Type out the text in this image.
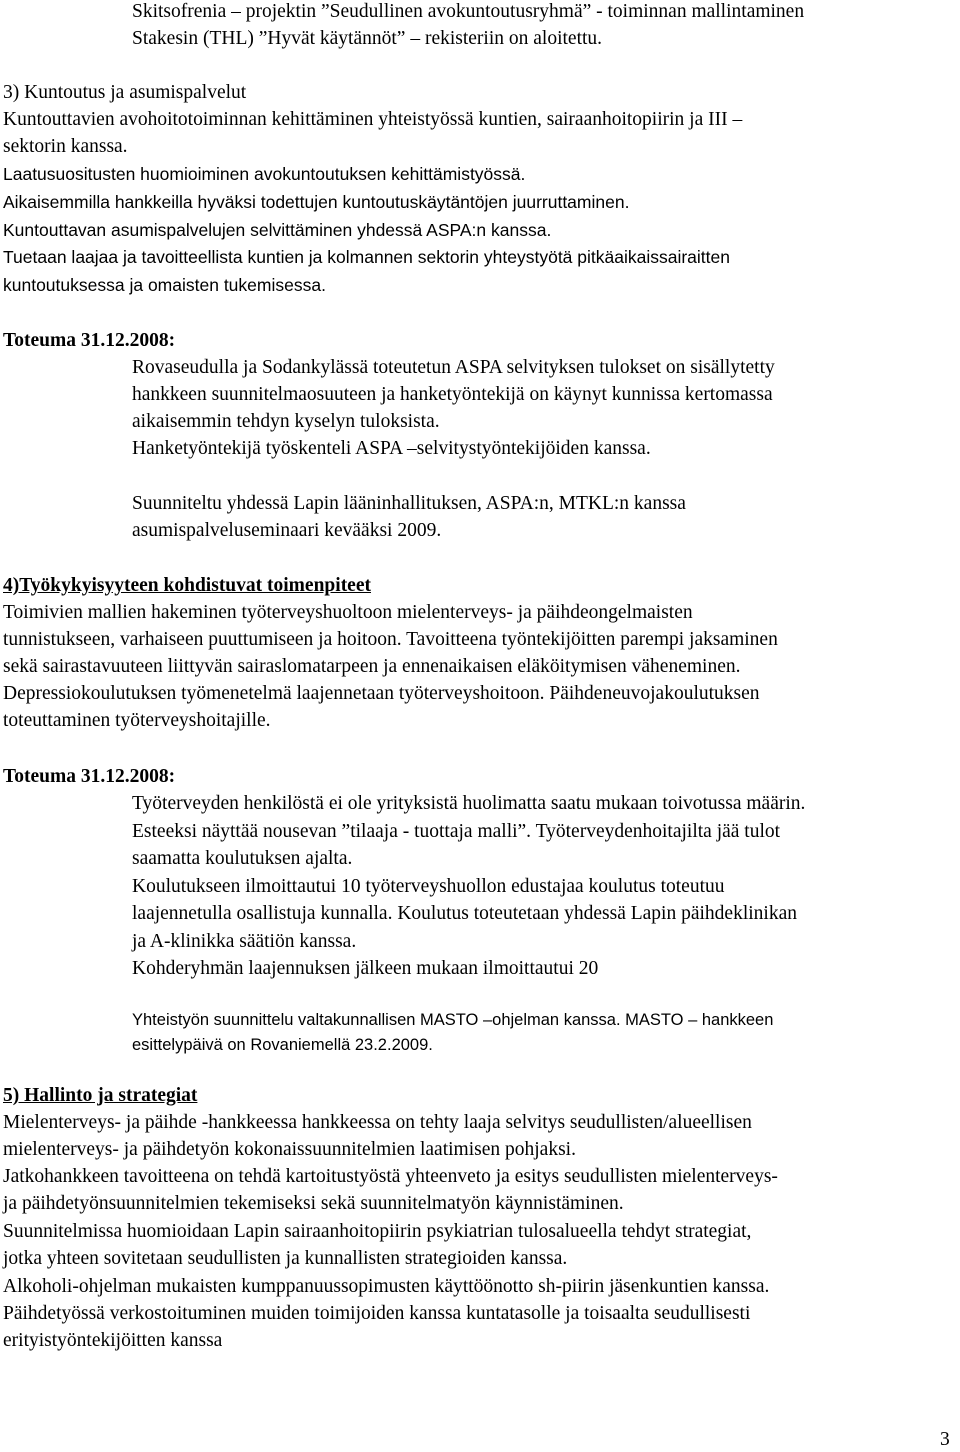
Skitsofrenia – projektin ”Seudullinen avokuntoutusryhmä” - toiminnan mallintaminen
Stakesin (THL) ”Hyvät käytännöt” – rekisteriin on aloitettu.
3) Kuntoutus ja asumispalvelut
Kuntouttavien avohoitotoiminnan kehittäminen yhteistyössä kuntien, sairaanhoitopiirin ja III –
sektorin kanssa.
Laatusuositusten huomioiminen avokuntoutuksen kehittämistyössä.
Aikaisemmilla hankkeilla hyväksi todettujen kuntoutuskäytäntöjen juurruttaminen.
Kuntouttavan asumispalvelujen selvittäminen yhdessä ASPA:n kanssa.
Tuetaan laajaa ja tavoitteellista kuntien ja kolmannen sektorin yhteystyötä pitkäaikaissairaitten
kuntoutuksessa ja omaisten tukemisessa.
Toteuma 31.12.2008:
Rovaseudulla ja Sodankylässä toteutetun ASPA selvityksen tulokset on sisällytetty
hankkeen suunnitelmaosuuteen ja hanketyöntekijä on käynyt kunnissa kertomassa
aikaisemmin tehdyn kyselyn tuloksista.
Hanketyöntekijä työskenteli ASPA –selvitystyöntekijöiden kanssa.
Suunniteltu yhdessä Lapin lääninhallituksen, ASPA:n, MTKL:n kanssa
asumispalveluseminaari kevääksi 2009.
4)Työkykyisyyteen kohdistuvat toimenpiteet
Toimivien mallien hakeminen työterveyshuoltoon mielenterveys- ja päihdeongelmaisten
tunnistukseen, varhaiseen puuttumiseen ja hoitoon. Tavoitteena työntekijöitten parempi jaksaminen
sekä sairastavuuteen liittyvän sairaslomatarpeen ja ennenaikaisen eläköitymisen väheneminen.
Depressiokoulutuksen työmenetelmä laajennetaan työterveyshoitoon. Päihdeneuvojakoulutuksen
toteuttaminen työterveyshoitajille.
Toteuma 31.12.2008:
Työterveyden henkilöstä ei ole yrityksistä huolimatta saatu mukaan toivotussa määrin.
Esteeksi näyttää nousevan ”tilaaja - tuottaja malli”. Työterveydenhoitajilta jää tulot
saamatta koulutuksen ajalta.
Koulutukseen ilmoittautui 10 työterveyshuollon edustajaa koulutus toteutuu
laajennetulla osallistuja kunnalla. Koulutus toteutetaan yhdessä Lapin päihdeklinikan
ja A-klinikka säätiön kanssa.
Kohderyhmän laajennuksen jälkeen mukaan ilmoittautui 20
Yhteistyön suunnittelu valtakunnallisen MASTO –ohjelman kanssa. MASTO – hankkeen
esittelypäivä on Rovaniemellä 23.2.2009.
5) Hallinto ja strategiat
Mielenterveys- ja päihde -hankkeessa hankkeessa on tehty laaja selvitys seudullisten/alueellisen
mielenterveys- ja päihdetyön kokonaissuunnitelmien laatimisen pohjaksi.
Jatkohankkeen tavoitteena on tehdä kartoitustyöstä yhteenveto ja esitys seudullisten mielenterveys-
ja päihdetyönsuunnitelmien tekemiseksi sekä suunnitelmatyön käynnistäminen.
Suunnitelmissa huomioidaan Lapin sairaanhoitopiirin psykiatrian tulosalueella tehdyt strategiat,
jotka yhteen sovitetaan seudullisten ja kunnallisten strategioiden kanssa.
Alkoholi-ohjelman mukaisten kumppanuussopimusten käyttöönotto sh-piirin jäsenkuntien kanssa.
Päihdetyössä verkostoituminen muiden toimijoiden kanssa kuntatasolle ja toisaalta seudullisesti
erityistyöntekijöitten kanssa
3
